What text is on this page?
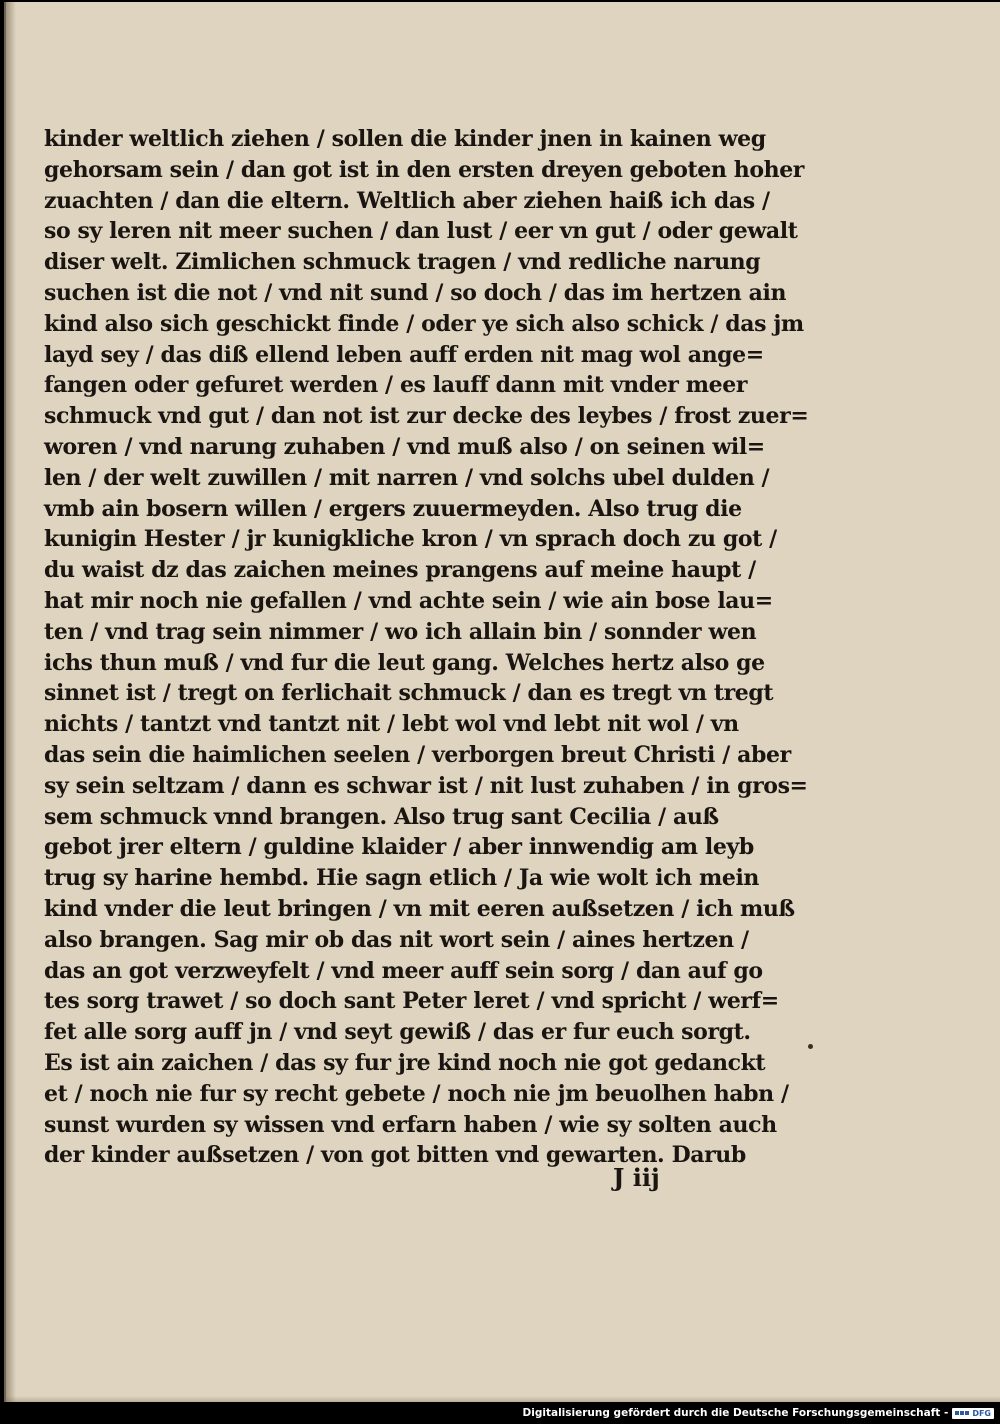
kinder weltlich ziehen / sollen die kinder jnen in kainen weg
gehorsam sein / dan got ist in den ersten dreyen geboten hoher
zuachten / dan die eltern. Weltlich aber ziehen haiß ich das /
so sy leren nit meer suchen / dan lust / eer vn gut / oder gewalt
diser welt. Zimlichen schmuck tragen / vnd redliche narung
suchen ist die not / vnd nit sund / so doch / das im hertzen ain
kind also sich geschickt finde / oder ye sich also schick / das jm
layd sey / das diß ellend leben auff erden nit mag wol ange=
fangen oder gefuret werden / es lauff dann mit vnder meer
schmuck vnd gut / dan not ist zur decke des leybes / frost zuer=
woren / vnd narung zuhaben / vnd muß also / on seinen wil=
len / der welt zuwillen / mit narren / vnd solchs ubel dulden /
vmb ain bosern willen / ergers zuuermeyden. Also trug die
kunigin Hester / jr kunigkliche kron / vn sprach doch zu got /
du waist dz das zaichen meines prangens auf meine haupt /
hat mir noch nie gefallen / vnd achte sein / wie ain bose lau=
ten / vnd trag sein nimmer / wo ich allain bin / sonnder wen
ichs thun muß / vnd fur die leut gang. Welches hertz also ge
sinnet ist / tregt on ferlichait schmuck / dan es tregt vn tregt
nichts / tantzt vnd tantzt nit / lebt wol vnd lebt nit wol / vn
das sein die haimlichen seelen / verborgen breut Christi / aber
sy sein seltzam / dann es schwar ist / nit lust zuhaben / in gros=
sem schmuck vnnd brangen. Also trug sant Cecilia / auß
gebot jrer eltern / guldine klaider / aber innwendig am leyb
trug sy harine hembd. Hie sagn etlich / Ja wie wolt ich mein
kind vnder die leut bringen / vn mit eeren außsetzen / ich muß
also brangen. Sag mir ob das nit wort sein / aines hertzen /
das an got verzweyfelt / vnd meer auff sein sorg / dan auf go
tes sorg trawet / so doch sant Peter leret / vnd spricht / werf=
fet alle sorg auff jn / vnd seyt gewiß / das er fur euch sorgt.
Es ist ain zaichen / das sy fur jre kind noch nie got gedanckt
et / noch nie fur sy recht gebete / noch nie jm beuolhen habn /
sunst wurden sy wissen vnd erfarn haben / wie sy solten auch
der kinder außsetzen / von got bitten vnd gewarten. Darub
J iij
Digitalisierung gefördert durch die Deutsche Forschungsgemeinschaft -	DFG
